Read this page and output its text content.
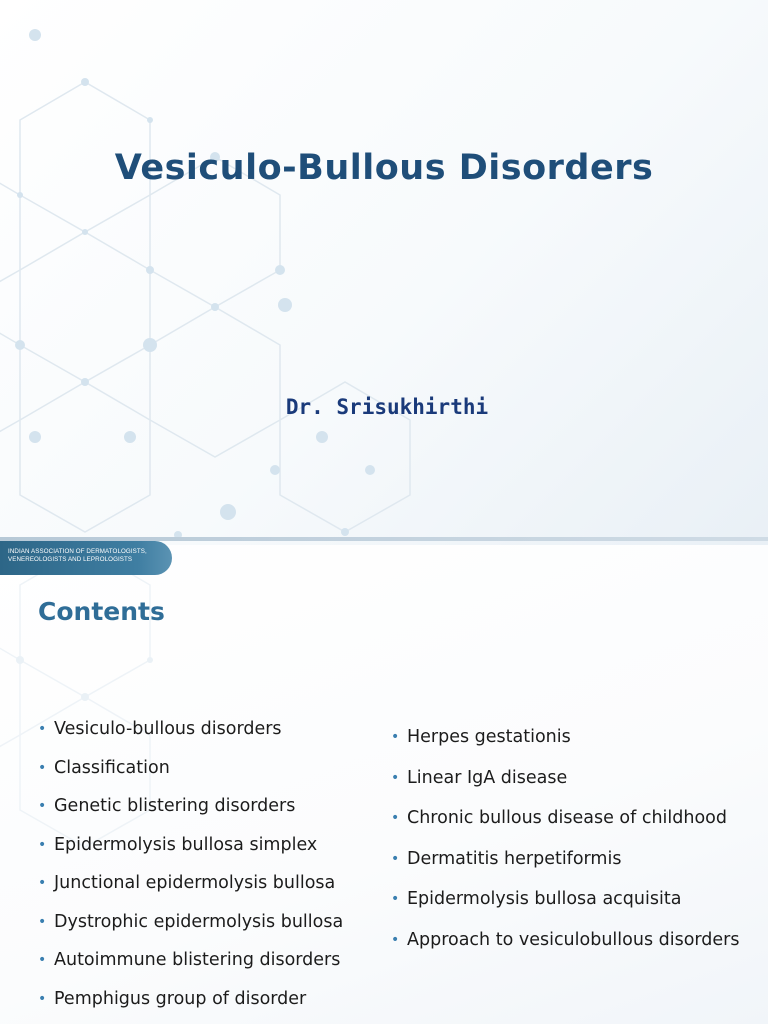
Vesiculo-Bullous Disorders

Dr. Srisukhirthi

INDIAN ASSOCIATION OF DERMATOLOGISTS,
VENEREOLOGISTS AND LEPROLOGISTS
Contents
• Vesiculo-bullous disorders
• Classification
• Genetic blistering disorders
• Epidermolysis bullosa simplex
• Junctional epidermolysis bullosa
• Dystrophic epidermolysis bullosa
• Autoimmune blistering disorders
• Pemphigus group of disorder
• Herpes gestationis
• Linear IgA disease
• Chronic bullous disease of childhood
• Dermatitis herpetiformis
• Epidermolysis bullosa acquisita
• Approach to vesiculobullous disorders
